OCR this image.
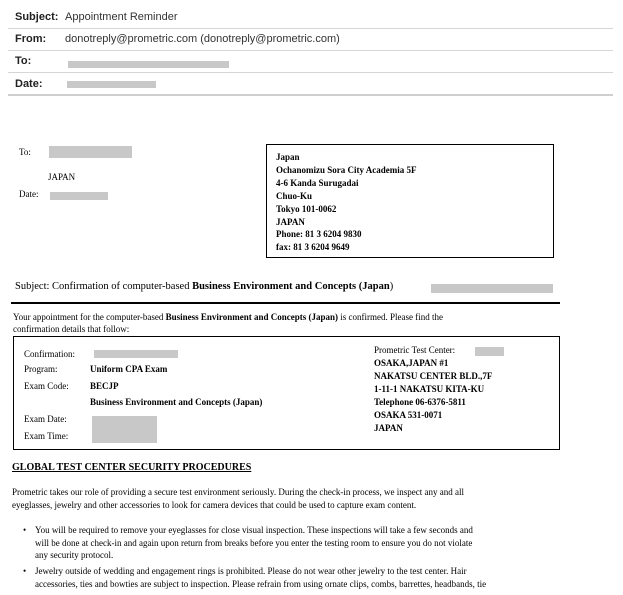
Subject: Appointment Reminder
From: donotreply@prometric.com (donotreply@prometric.com)
To:
Date:
To:
JAPAN
Date:
Japan
Ochanomizu Sora City Academia 5F
4-6 Kanda Surugadai
Chuo-Ku
Tokyo 101-0062
JAPAN
Phone: 81 3 6204 9830
fax: 81 3 6204 9649
Subject: Confirmation of computer-based Business Environment and Concepts (Japan)
Your appointment for the computer-based Business Environment and Concepts (Japan) is confirmed. Please find the
confirmation details that follow:
Confirmation:
Program:	Uniform CPA Exam
Exam Code: BECJP
Business Environment and Concepts (Japan)
Exam Date:
Exam Time:
Prometric Test Center:
OSAKA,JAPAN #1
NAKATSU CENTER BLD.,7F
1-11-1 NAKATSU KITA-KU
Telephone 06-6376-5811
OSAKA 531-0071
JAPAN
GLOBAL TEST CENTER SECURITY PROCEDURES
Prometric takes our role of providing a secure test environment seriously. During the check-in process, we inspect any and all
eyeglasses, jewelry and other accessories to look for camera devices that could be used to capture exam content.
• You will be required to remove your eyeglasses for close visual inspection. These inspections will take a few seconds and
will be done at check-in and again upon return from breaks before you enter the testing room to ensure you do not violate
any security protocol.
• Jewelry outside of wedding and engagement rings is prohibited. Please do not wear other jewelry to the test center. Hair
accessories, ties and bowties are subject to inspection. Please refrain from using ornate clips, combs, barrettes, headbands, tie
